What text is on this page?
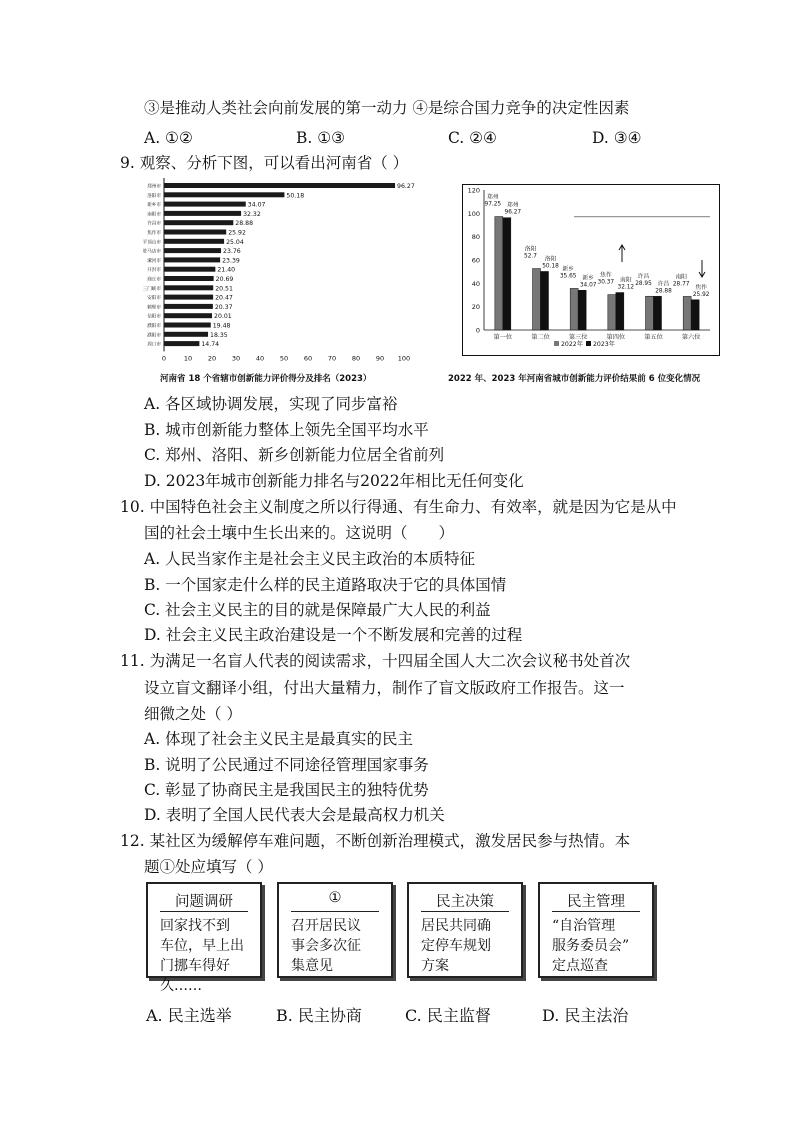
③是推动人类社会向前发展的第一动力 ④是综合国力竞争的决定性因素
A. ①②	B. ①③	C. ②④	D. ③④
9. 观察、分析下图，可以看出河南省（ ）
郑州市	96.27
洛阳市	50.18
新乡市	34.07
南阳市	32.32
许昌市	28.88
焦作市	25.92
平顶山市	25.04
驻马店市	23.76
漯河市	23.39
开封市	21.40
商丘市	20.69
三门峡市	20.51
安阳市	20.47
鹤壁市	20.37
信阳市	20.01
濮阳市	19.48
濮阳市	18.35
周口市	14.74
0	10 20 30 40 50 60 70 80 90 100
河南省 18 个省辖市创新能力评价得分及排名（2023）
0
20
40
60
80
100
120
郑州
97.25 郑州
96.27
第一位
洛阳
52.7 洛阳
50.18
第二位
新乡
35.65 新乡
34.07
第三位
焦作
30.37 南阳
32.12
第四位
许昌
28.95 许昌
28.88
第五位
南阳
28.77
焦作
25.92
第六位
2022年 2023年
2022 年、2023 年河南省城市创新能力评价结果前 6 位变化情况
A. 各区域协调发展，实现了同步富裕
B. 城市创新能力整体上领先全国平均水平
C. 郑州、洛阳、新乡创新能力位居全省前列
D. 2023年城市创新能力排名与2022年相比无任何变化
10. 中国特色社会主义制度之所以行得通、有生命力、有效率，就是因为它是从中
国的社会土壤中生长出来的。这说明（　　）
A. 人民当家作主是社会主义民主政治的本质特征
B. 一个国家走什么样的民主道路取决于它的具体国情
C. 社会主义民主的目的就是保障最广大人民的利益
D. 社会主义民主政治建设是一个不断发展和完善的过程
11. 为满足一名盲人代表的阅读需求，十四届全国人大二次会议秘书处首次
设立盲文翻译小组，付出大量精力，制作了盲文版政府工作报告。这一
细微之处（ ）
A. 体现了社会主义民主是最真实的民主
B. 说明了公民通过不同途径管理国家事务
C. 彰显了协商民主是我国民主的独特优势
D. 表明了全国人民代表大会是最高权力机关
12. 某社区为缓解停车难问题，不断创新治理模式，激发居民参与热情。本
题①处应填写（ ）
问题调研
回家找不到
车位，早上出
门挪车得好
久……
①
召开居民议
事会多次征
集意见
民主决策
居民共同确
定停车规划
方案
民主管理
“自治管理
服务委员会”
定点巡查
A. 民主选举	B. 民主协商	C. 民主监督	D. 民主法治
